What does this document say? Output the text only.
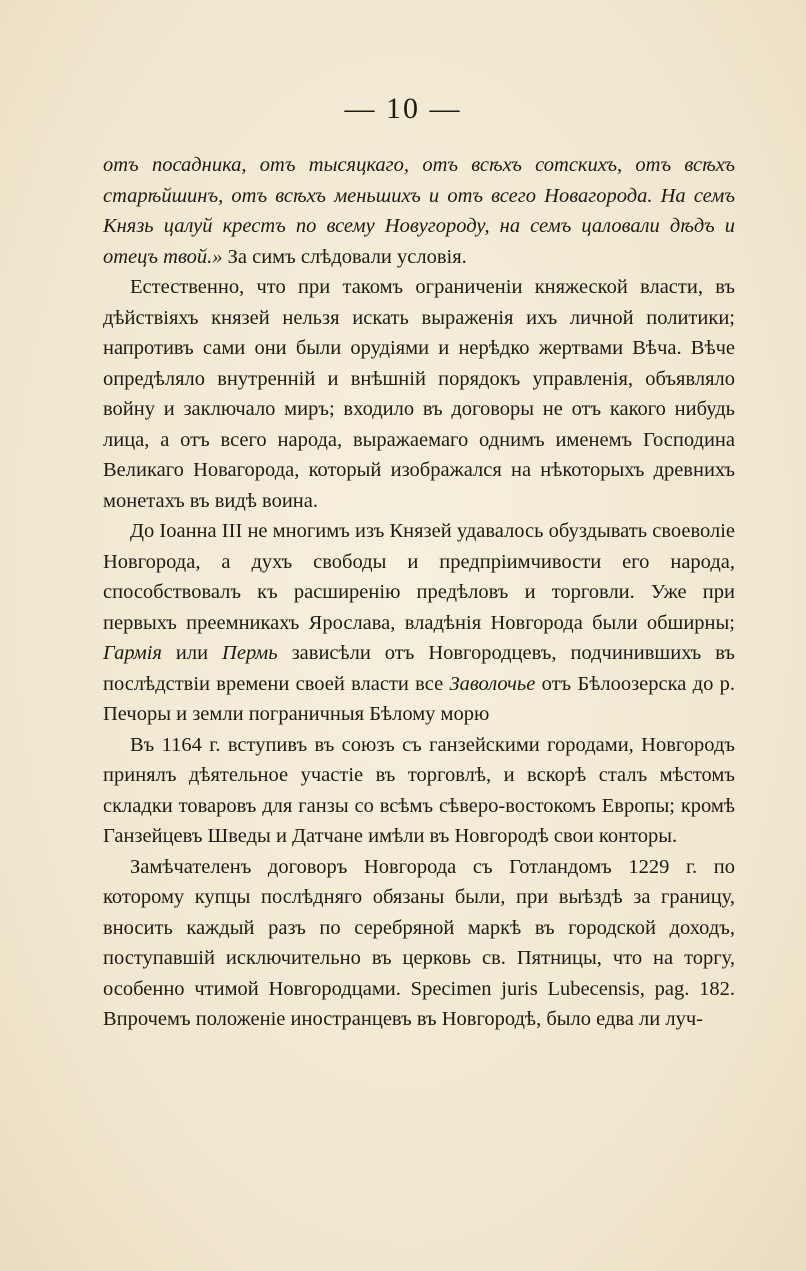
— 10 —

отъ посадника, отъ тысяцкаго, отъ всѣхъ сотскихъ, отъ всѣхъ старѣйшинъ, отъ всѣхъ меньшихъ и отъ всего Новагорода. На семъ Князь цалуй крестъ по всему Новугороду, на семъ цаловали дѣдъ и отецъ твой.» За симъ слѣдовали условія.

Естественно, что при такомъ ограниченіи княжеской власти, въ дѣйствіяхъ князей нельзя искать выраженія ихъ личной политики; напротивъ сами они были орудіями и нерѣдко жертвами Вѣча. Вѣче опредѣляло внутренній и внѣшній порядокъ управленія, объявляло войну и заключало миръ; входило въ договоры не отъ какого нибудь лица, а отъ всего народа, выражаемаго однимъ именемъ Господина Великаго Новагорода, который изображался на нѣкоторыхъ древнихъ монетахъ въ видѣ воина.

До Іоанна III не многимъ изъ Князей удавалось обуздывать своеволіе Новгорода, а духъ свободы и предпріимчивости его народа, способствовалъ къ расширенію предѣловъ и торговли. Уже при первыхъ преемникахъ Ярослава, владѣнія Новгорода были обширны; Гармія или Пермь зависѣли отъ Новгородцевъ, подчинившихъ въ послѣдствіи времени своей власти все Заволочье отъ Бѣлоозерска до р. Печоры и земли пограничныя Бѣлому морю

Въ 1164 г. вступивъ въ союзъ съ ганзейскими городами, Новгородъ принялъ дѣятельное участіе въ торговлѣ, и вскорѣ сталъ мѣстомъ складки товаровъ для ганзы со всѣмъ сѣверо-востокомъ Европы; кромѣ Ганзейцевъ Шведы и Датчане имѣли въ Новгородѣ свои конторы.

Замѣчателенъ договоръ Новгорода съ Готландомъ 1229 г. по которому купцы послѣдняго обязаны были, при выѣздѣ за границу, вносить каждый разъ по серебряной маркѣ въ городской доходъ, поступавшій исключительно въ церковь св. Пятницы, что на торгу, особенно чтимой Новгородцами. Specimen juris Lubecensis, pag. 182. Впрочемъ положеніе иностранцевъ въ Новгородѣ, было едва ли луч-
